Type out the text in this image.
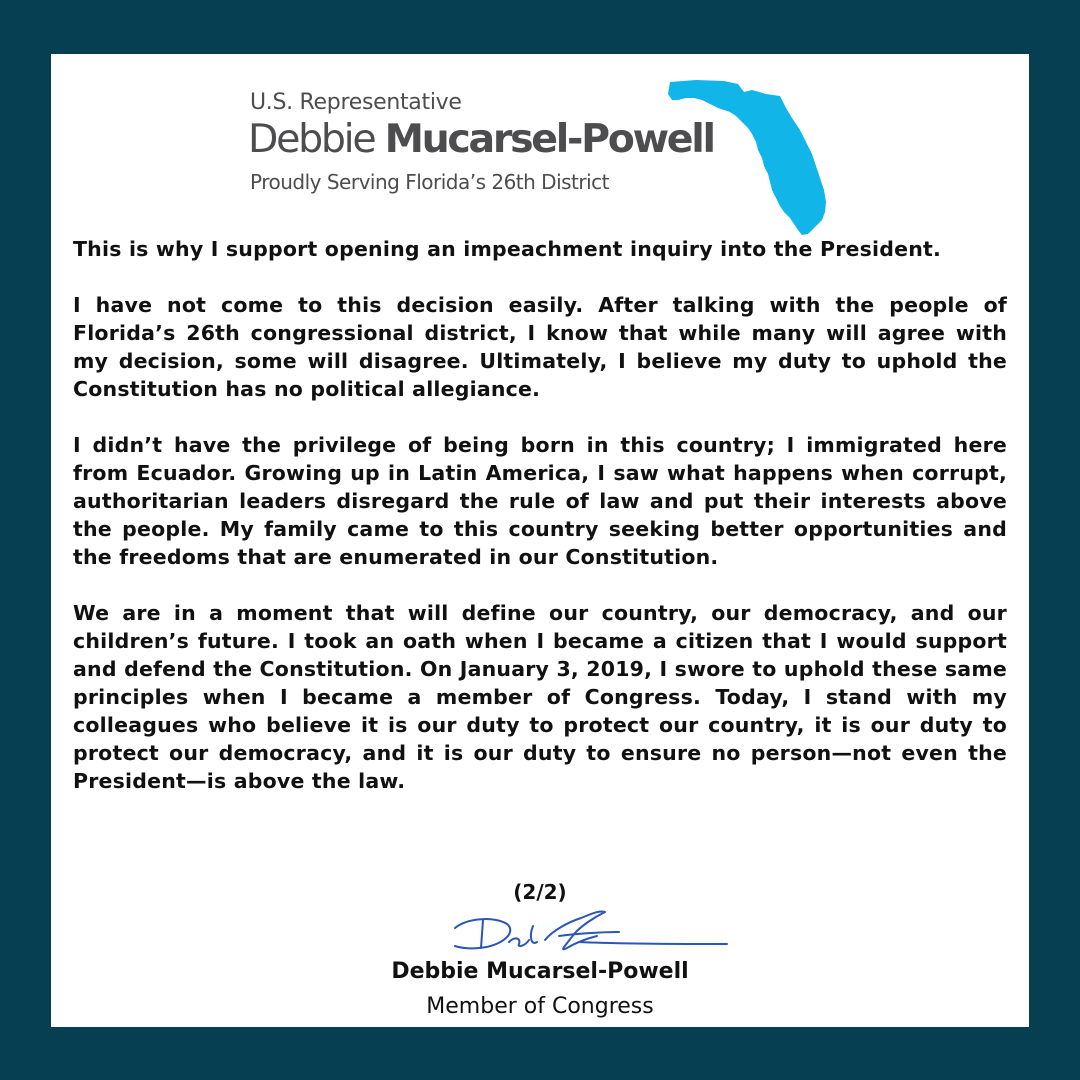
U.S. Representative
Debbie Mucarsel-Powell
Proudly Serving Florida’s 26th District

This is why I support opening an impeachment inquiry into the President.

I have not come to this decision easily. After talking with the people of Florida’s 26th congressional district, I know that while many will agree with my decision, some will disagree. Ultimately, I believe my duty to uphold the Constitution has no political allegiance.

I didn’t have the privilege of being born in this country; I immigrated here from Ecuador. Growing up in Latin America, I saw what happens when corrupt, authoritarian leaders disregard the rule of law and put their interests above the people. My family came to this country seeking better opportunities and the freedoms that are enumerated in our Constitution.

We are in a moment that will define our country, our democracy, and our children’s future. I took an oath when I became a citizen that I would support and defend the Constitution. On January 3, 2019, I swore to uphold these same principles when I became a member of Congress. Today, I stand with my colleagues who believe it is our duty to protect our country, it is our duty to protect our democracy, and it is our duty to ensure no person—not even the President—is above the law.

(2/2)
Debbie Mucarsel-Powell
Member of Congress
